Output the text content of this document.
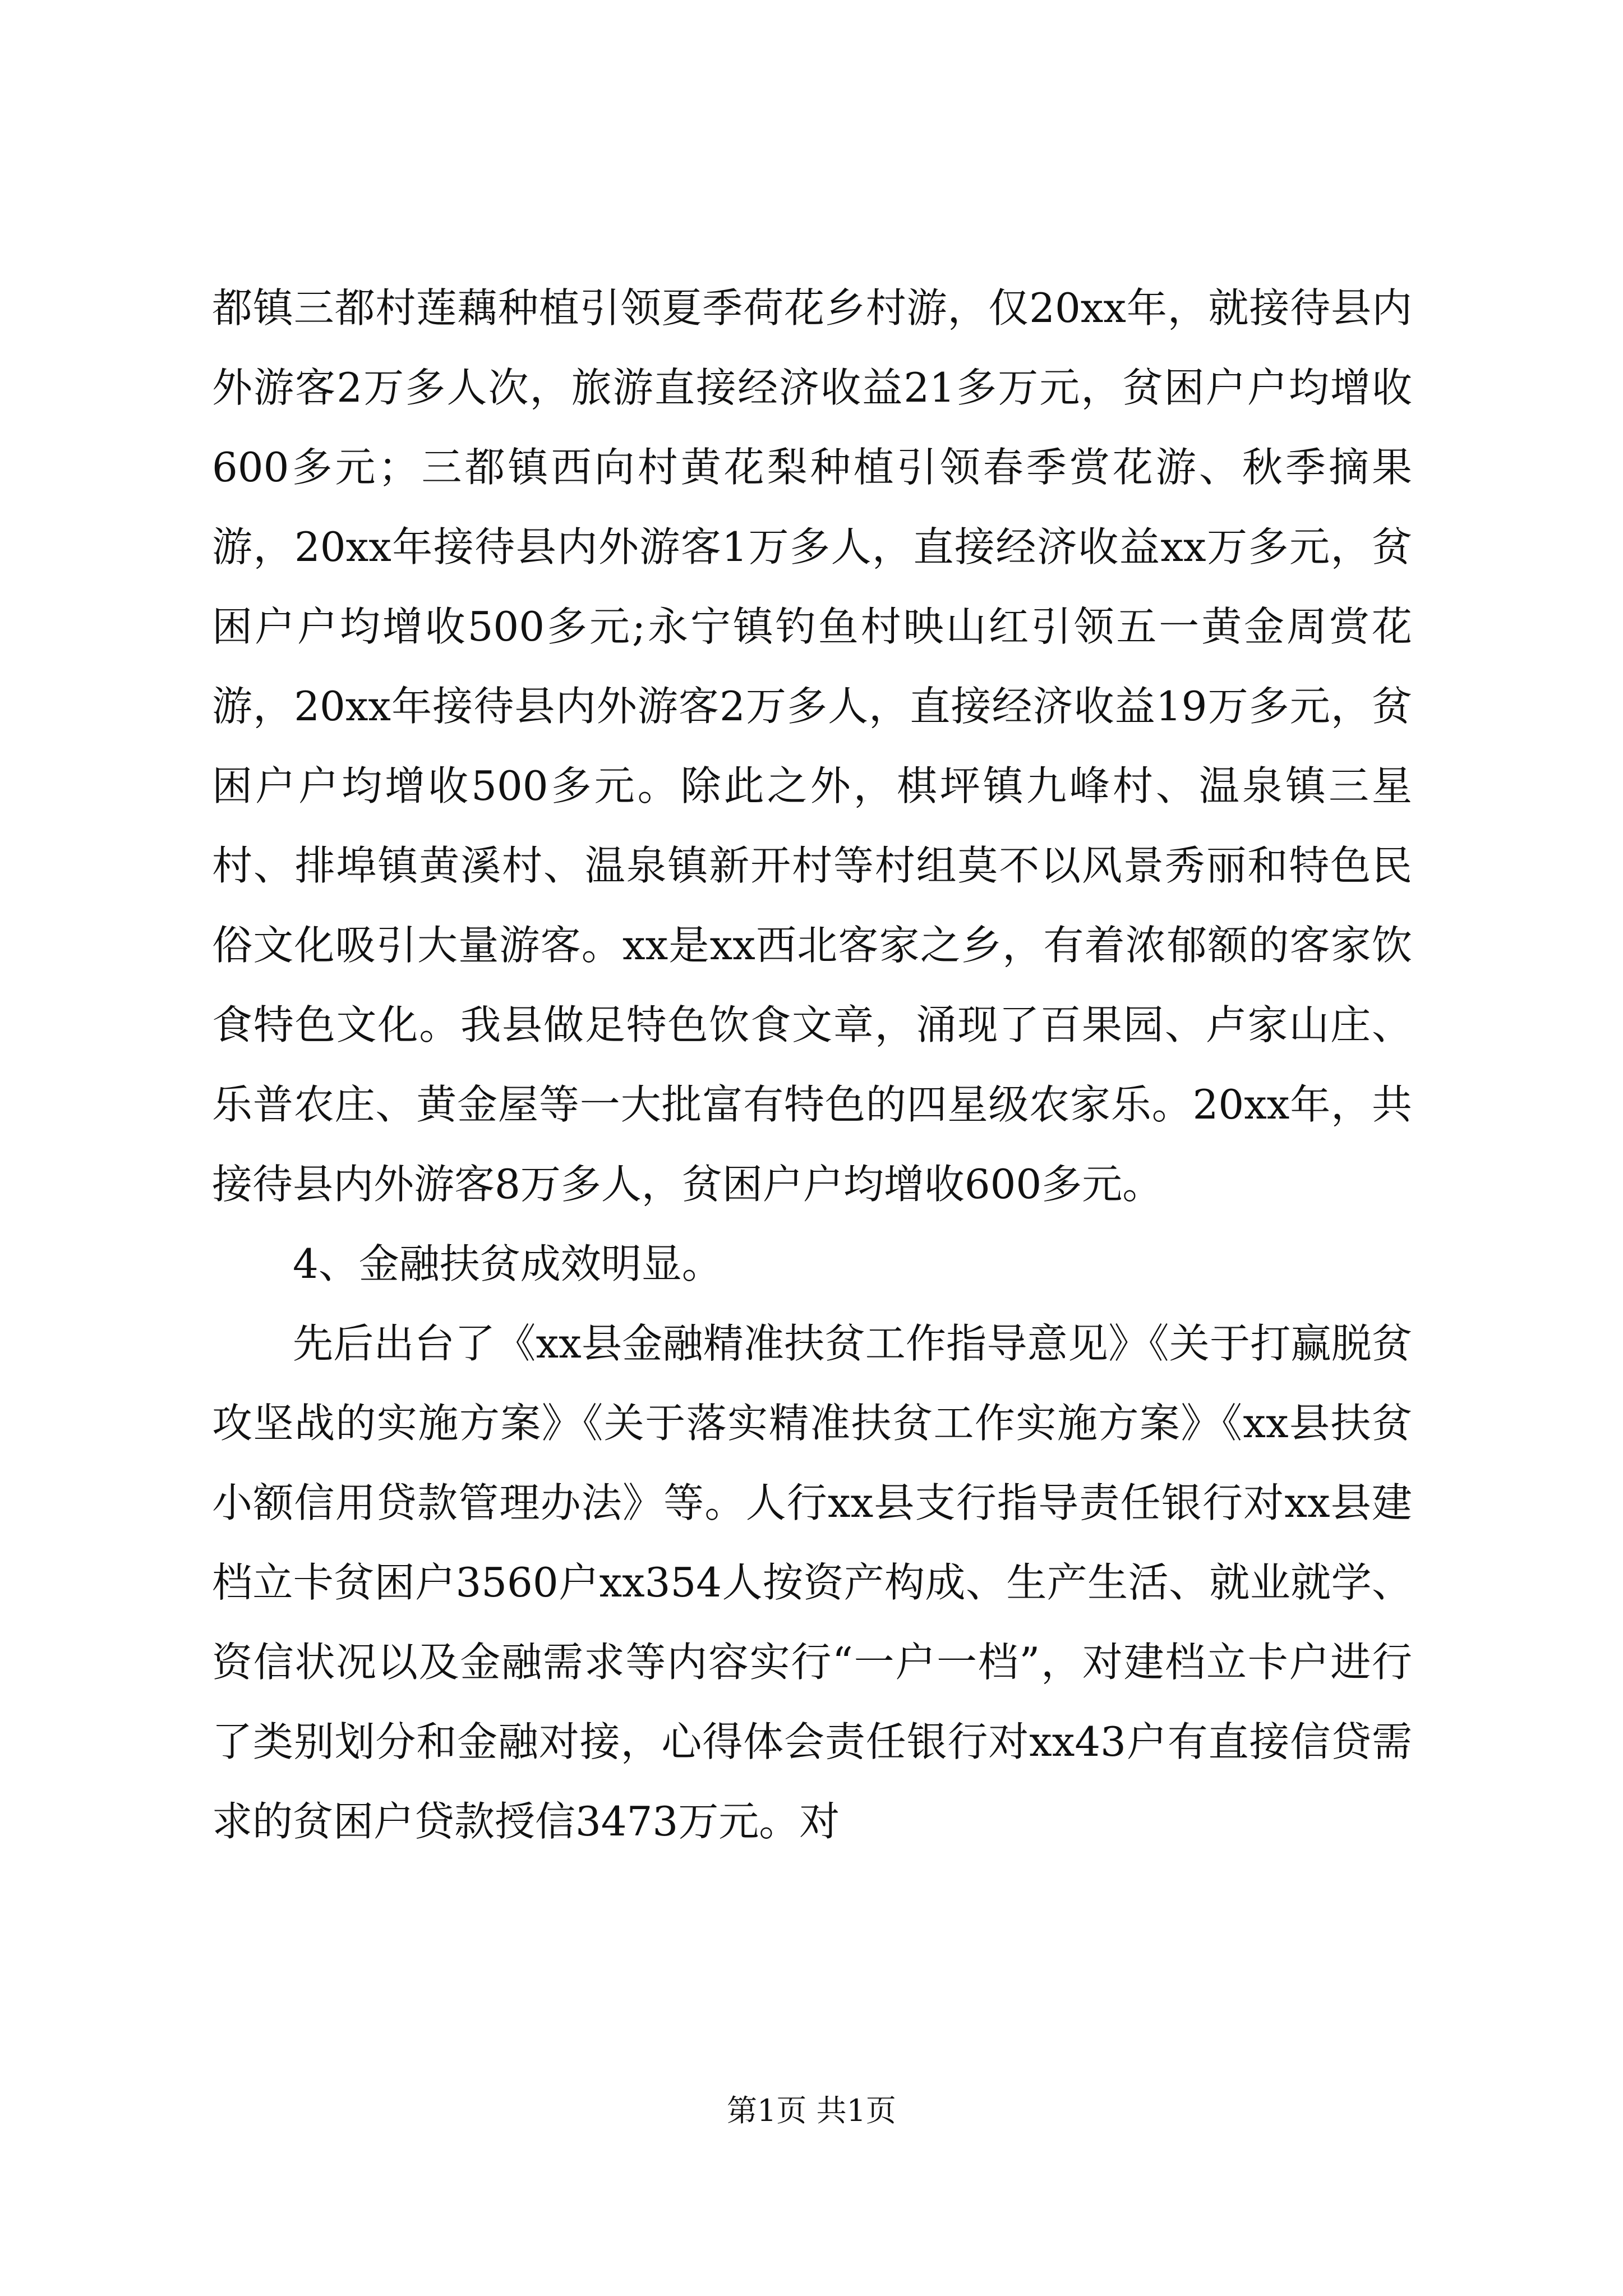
都镇三都村莲藕种植引领夏季荷花乡村游，仅20xx年，就接待县内外游客2万多人次，旅游直接经济收益21多万元，贫困户户均增收600多元；三都镇西向村黄花梨种植引领春季赏花游、秋季摘果游，20xx年接待县内外游客1万多人，直接经济收益xx万多元，贫困户户均增收500多元;永宁镇钓鱼村映山红引领五一黄金周赏花游，20xx年接待县内外游客2万多人，直接经济收益19万多元，贫困户户均增收500多元。除此之外，棋坪镇九峰村、温泉镇三星村、排埠镇黄溪村、温泉镇新开村等村组莫不以风景秀丽和特色民俗文化吸引大量游客。xx是xx西北客家之乡，有着浓郁额的客家饮食特色文化。我县做足特色饮食文章，涌现了百果园、卢家山庄、乐普农庄、黄金屋等一大批富有特色的四星级农家乐。20xx年，共接待县内外游客8万多人，贫困户户均增收600多元。

4、金融扶贫成效明显。

先后出台了《xx县金融精准扶贫工作指导意见》《关于打赢脱贫攻坚战的实施方案》《关于落实精准扶贫工作实施方案》《xx县扶贫小额信用贷款管理办法》等。人行xx县支行指导责任银行对xx县建档立卡贫困户3560户xx354人按资产构成、生产生活、就业就学、资信状况以及金融需求等内容实行“一户一档”，对建档立卡户进行了类别划分和金融对接，心得体会责任银行对xx43户有直接信贷需求的贫困户贷款授信3473万元。对

第1页 共1页
